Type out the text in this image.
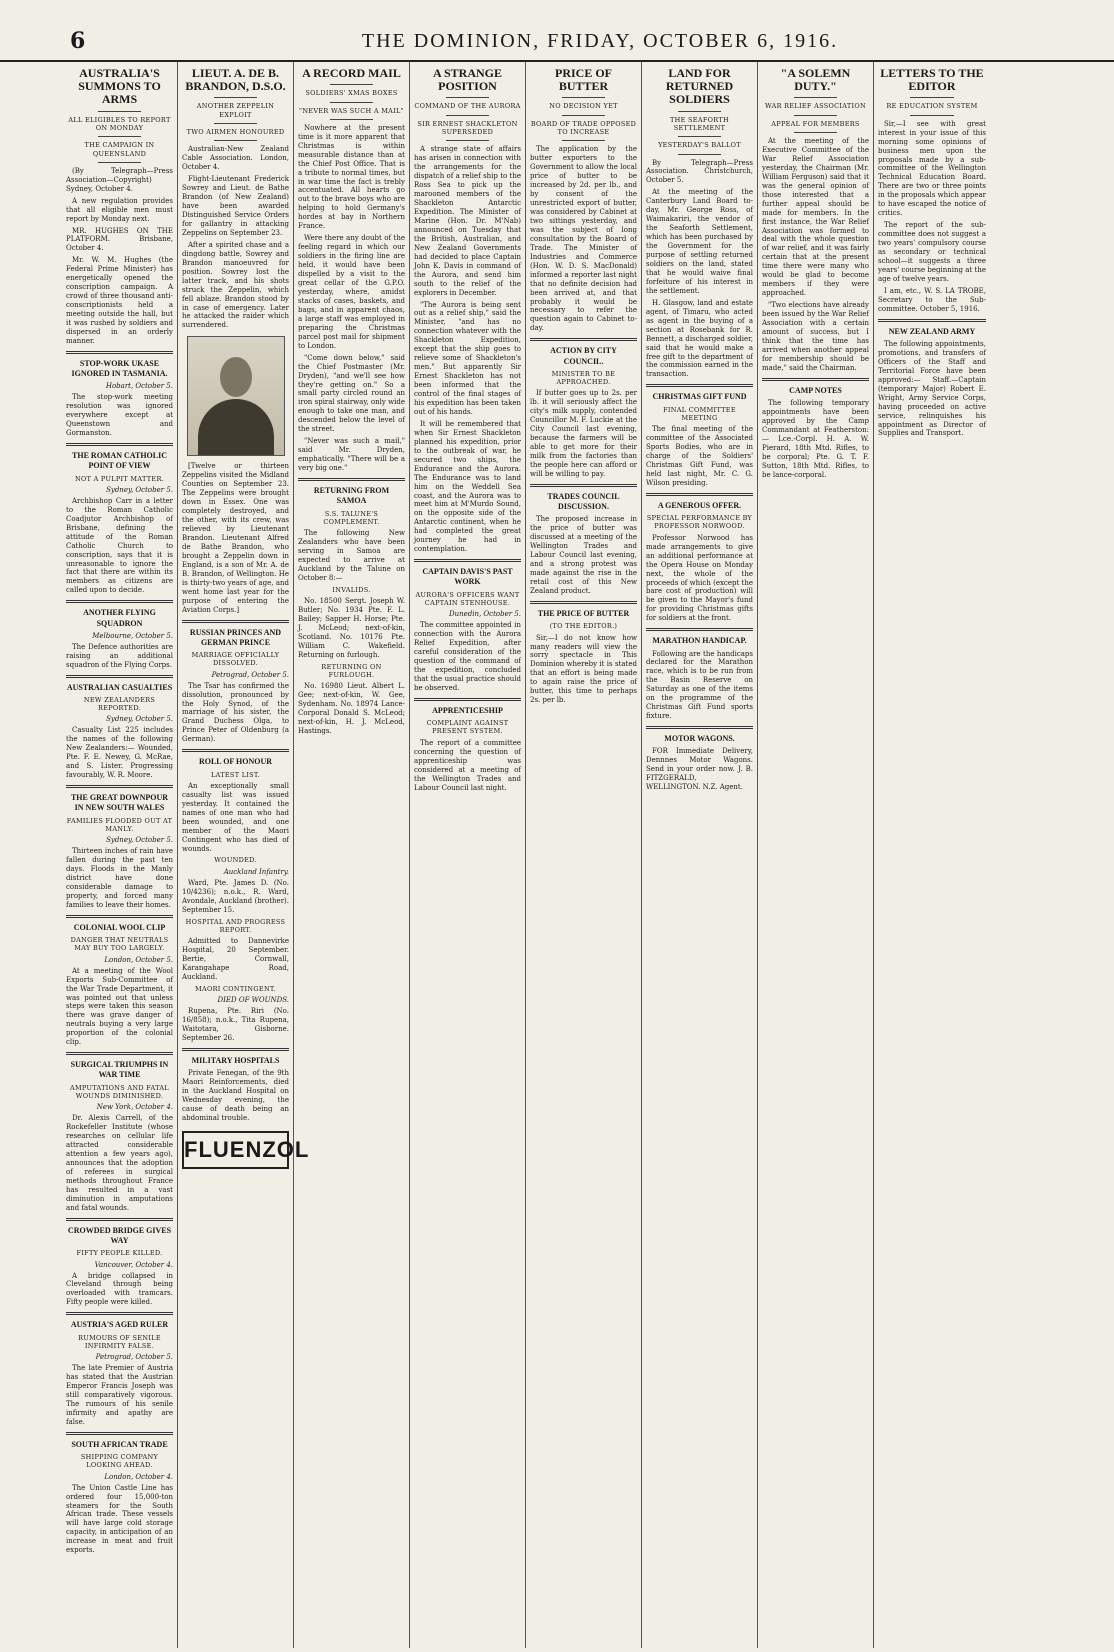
6	THE DOMINION, FRIDAY, OCTOBER 6, 1916.
AUSTRALIA'S SUMMONS TO ARMS
ALL ELIGIBLES TO REPORT ON MONDAY
THE CAMPAIGN IN QUEENSLAND

(By Telegraph—Press Association—Copyright) Sydney, October 4.

A new regulation provides that all eligible men must report by Monday next.

MR. HUGHES ON THE PLATFORM. Brisbane, October 4.

Mr. W. M. Hughes (the Federal Prime Minister) has energetically opened the conscription campaign. A crowd of three thousand anti-conscriptionists held a meeting outside the hall, but it was rushed by soldiers and dispersed in an orderly manner.

STOP-WORK UKASE IGNORED IN TASMANIA.
Hobart, October 5.

The stop-work meeting resolution was ignored everywhere except at Queenstown and Gormanston.

THE ROMAN CATHOLIC POINT OF VIEW
NOT A PULPIT MATTER.
Sydney, October 5.

Archbishop Carr in a letter to the Roman Catholic Coadjutor Archbishop of Brisbane, defining the attitude of the Roman Catholic Church to conscription, says that it is unreasonable to ignore the fact that there are within its members as citizens are called upon to decide.

ANOTHER FLYING SQUADRON
Melbourne, October 5.

The Defence authorities are raising an additional squadron of the Flying Corps.

AUSTRALIAN CASUALTIES
NEW ZEALANDERS REPORTED.
Sydney, October 5.

Casualty List 225 includes the names of the following New Zealanders:— Wounded, Pte. F. E. Newey, G. McRae, and S. Lister. Progressing favourably, W. R. Moore.

THE GREAT DOWNPOUR IN NEW SOUTH WALES
FAMILIES FLOODED OUT AT MANLY.
Sydney, October 5.

Thirteen inches of rain have fallen during the past ten days. Floods in the Manly district have done considerable damage to property, and forced many families to leave their homes.

COLONIAL WOOL CLIP
DANGER THAT NEUTRALS MAY BUY TOO LARGELY.
London, October 5.

At a meeting of the Wool Exports Sub-Committee of the War Trade Department, it was pointed out that unless steps were taken this season there was grave danger of neutrals buying a very large proportion of the colonial clip.

SURGICAL TRIUMPHS IN WAR TIME
AMPUTATIONS AND FATAL WOUNDS DIMINISHED.
New York, October 4.

Dr. Alexis Carrell, of the Rockefeller Institute (whose researches on cellular life attracted considerable attention a few years ago), announces that the adoption of referees in surgical methods throughout France has resulted in a vast diminution in amputations and fatal wounds.

CROWDED BRIDGE GIVES WAY
FIFTY PEOPLE KILLED.
Vancouver, October 4.

A bridge collapsed in Cleveland through being overloaded with tramcars. Fifty people were killed.

AUSTRIA'S AGED RULER
RUMOURS OF SENILE INFIRMITY FALSE.
Petrograd, October 5.

The late Premier of Austria has stated that the Austrian Emperor Francis Joseph was still comparatively vigorous. The rumours of his senile infirmity and apathy are false.

SOUTH AFRICAN TRADE
SHIPPING COMPANY LOOKING AHEAD.
London, October 4.

The Union Castle Line has ordered four 15,000-ton steamers for the South African trade. These vessels will have large cold storage capacity, in anticipation of an increase in meat and fruit exports.

LIEUT. A. DE B. BRANDON, D.S.O.
ANOTHER ZEPPELIN EXPLOIT
TWO AIRMEN HONOURED

Australian-New Zealand Cable Association. London, October 4.

Flight-Lieutenant Frederick Sowrey and Lieut. de Bathe Brandon (of New Zealand) have been awarded Distinguished Service Orders for gallantry in attacking Zeppelins on September 23.

After a spirited chase and a dingdong battle, Sowrey and Brandon manoeuvred for position. Sowrey lost the latter track, and his shots struck the Zeppelin, which fell ablaze. Brandon stood by in case of emergency. Later he attacked the raider which surrendered.

[Twelve or thirteen Zeppelins visited the Midland Counties on September 23. The Zeppelins were brought down in Essex. One was completely destroyed, and the other, with its crew, was relieved by Lieutenant Brandon. Lieutenant Alfred de Bathe Brandon, who brought a Zeppelin down in England, is a son of Mr. A. de B. Brandon, of Wellington. He is thirty-two years of age, and went home last year for the purpose of entering the Aviation Corps.]

RUSSIAN PRINCES AND GERMAN PRINCE
MARRIAGE OFFICIALLY DISSOLVED.
Petrograd, October 5.

The Tsar has confirmed the dissolution, pronounced by the Holy Synod, of the marriage of his sister, the Grand Duchess Olga, to Prince Peter of Oldenburg (a German).

ROLL OF HONOUR
LATEST LIST.

An exceptionally small casualty list was issued yesterday. It contained the names of one man who had been wounded, and one member of the Maori Contingent who has died of wounds.

WOUNDED.
Auckland Infantry.

Ward, Pte. James D. (No. 10/4236); n.o.k., R. Ward, Avondale, Auckland (brother). September 15.

HOSPITAL AND PROGRESS REPORT.

Admitted to Dannevirke Hospital, 20 September. Bertie, Cornwall, Karangahape Road, Auckland.

MAORI CONTINGENT.
DIED OF WOUNDS.

Rupena, Pte. Riri (No. 16/858); n.o.k., Tita Rupena, Waitotara, Gisborne. September 26.

MILITARY HOSPITALS

Private Fenegan, of the 9th Maori Reinforcements, died in the Auckland Hospital on Wednesday evening, the cause of death being an abdominal trouble.

FLUENZOL
A RECORD MAIL
SOLDIERS' XMAS BOXES
"NEVER WAS SUCH A MAIL"

Nowhere at the present time is it more apparent that Christmas is within measurable distance than at the Chief Post Office. That is a tribute to normal times, but in war time the fact is trebly accentuated. All hearts go out to the brave boys who are helping to hold Germany's hordes at bay in Northern France.

Were there any doubt of the feeling regard in which our soldiers in the firing line are held, it would have been dispelled by a visit to the great cellar of the G.P.O. yesterday, where, amidst stacks of cases, baskets, and bags, and in apparent chaos, a large staff was employed in preparing the Christmas parcel post mail for shipment to London.

"Come down below," said the Chief Postmaster (Mr. Dryden), "and we'll see how they're getting on." So a small party circled round an iron spiral stairway, only wide enough to take one man, and descended below the level of the street.

"Never was such a mail," said Mr. Dryden, emphatically. "There will be a very big one."

RETURNING FROM SAMOA
S.S. TALUNE'S COMPLEMENT.

The following New Zealanders who have been serving in Samoa are expected to arrive at Auckland by the Talune on October 8:—

INVALIDS.

No. 18500 Sergt. Joseph W. Butler; No. 1934 Pte. F. L. Bailey; Sapper H. Horse; Pte. J. McLeod; next-of-kin, Scotland. No. 10176 Pte. William C. Wakefield. Returning on furlough.

RETURNING ON FURLOUGH.

No. 16980 Lieut. Albert L. Gee; next-of-kin, W. Gee, Sydenham. No. 18974 Lance-Corporal Donald S. McLeod; next-of-kin, H. J. McLeod, Hastings.

A STRANGE POSITION
COMMAND OF THE AURORA
SIR ERNEST SHACKLETON SUPERSEDED

A strange state of affairs has arisen in connection with the arrangements for the dispatch of a relief ship to the Ross Sea to pick up the marooned members of the Shackleton Antarctic Expedition. The Minister of Marine (Hon. Dr. M'Nab) announced on Tuesday that the British, Australian, and New Zealand Governments had decided to place Captain John K. Davis in command of the Aurora, and send him south to the relief of the explorers in December.

"The Aurora is being sent out as a relief ship," said the Minister, "and has no connection whatever with the Shackleton Expedition, except that the ship goes to relieve some of Shackleton's men." But apparently Sir Ernest Shackleton has not been informed that the control of the final stages of his expedition has been taken out of his hands.

It will be remembered that when Sir Ernest Shackleton planned his expedition, prior to the outbreak of war, he secured two ships, the Endurance and the Aurora. The Endurance was to land him on the Weddell Sea coast, and the Aurora was to meet him at M'Murdo Sound, on the opposite side of the Antarctic continent, when he had completed the great journey he had in contemplation.

CAPTAIN DAVIS'S PAST WORK
AURORA'S OFFICERS WANT CAPTAIN STENHOUSE.
Dunedin, October 5.

The committee appointed in connection with the Aurora Relief Expedition, after careful consideration of the question of the command of the expedition, concluded that the usual practice should be observed.

APPRENTICESHIP
COMPLAINT AGAINST PRESENT SYSTEM.

The report of a committee concerning the question of apprenticeship was considered at a meeting of the Wellington Trades and Labour Council last night.

PRICE OF BUTTER
NO DECISION YET
BOARD OF TRADE OPPOSED TO INCREASE

The application by the butter exporters to the Government to allow the local price of butter to be increased by 2d. per lb., and by consent of the unrestricted export of butter, was considered by Cabinet at two sittings yesterday, and was the subject of long consultation by the Board of Trade. The Minister of Industries and Commerce (Hon. W. D. S. MacDonald) informed a reporter last night that no definite decision had been arrived at, and that probably it would be necessary to refer the question again to Cabinet to-day.

ACTION BY CITY COUNCIL.
MINISTER TO BE APPROACHED.

If butter goes up to 2s. per lb. it will seriously affect the city's milk supply, contended Councillor M. F. Luckie at the City Council last evening, because the farmers will be able to get more for their milk from the factories than the people here can afford or will be willing to pay.

TRADES COUNCIL DISCUSSION.

The proposed increase in the price of butter was discussed at a meeting of the Wellington Trades and Labour Council last evening, and a strong protest was made against the rise in the retail cost of this New Zealand product.

THE PRICE OF BUTTER
(TO THE EDITOR.)

Sir,—I do not know how many readers will view the sorry spectacle in This Dominion whereby it is stated that an effort is being made to again raise the price of butter, this time to perhaps 2s. per lb.

LAND FOR RETURNED SOLDIERS
THE SEAFORTH SETTLEMENT
YESTERDAY'S BALLOT

By Telegraph—Press Association. Christchurch, October 5.

At the meeting of the Canterbury Land Board to-day, Mr. George Ross, of Waimakariri, the vendor of the Seaforth Settlement, which has been purchased by the Government for the purpose of settling returned soldiers on the land, stated that he would waive final forfeiture of his interest in the settlement.

H. Glasgow, land and estate agent, of Timaru, who acted as agent in the buying of a section at Rosebank for R. Bennett, a discharged soldier, said that he would make a free gift to the department of the commission earned in the transaction.

CHRISTMAS GIFT FUND
FINAL COMMITTEE MEETING

The final meeting of the committee of the Associated Sports Bodies, who are in charge of the Soldiers' Christmas Gift Fund, was held last night, Mr. C. G. Wilson presiding.

A GENEROUS OFFER.
SPECIAL PERFORMANCE BY PROFESSOR NORWOOD.

Professor Norwood has made arrangements to give an additional performance at the Opera House on Monday next, the whole of the proceeds of which (except the bare cost of production) will be given to the Mayor's fund for providing Christmas gifts for soldiers at the front.

MARATHON HANDICAP.

Following are the handicaps declared for the Marathon race, which is to be run from the Basin Reserve on Saturday as one of the items on the programme of the Christmas Gift Fund sports fixture.

MOTOR WAGONS.

FOR Immediate Delivery, Dennnes Motor Wagons. Send in your order now. J. B. FITZGERALD, WELLINGTON. N.Z. Agent.

"A SOLEMN DUTY."
WAR RELIEF ASSOCIATION
APPEAL FOR MEMBERS

At the meeting of the Executive Committee of the War Relief Association yesterday, the Chairman (Mr. William Ferguson) said that it was the general opinion of those interested that a further appeal should be made for members. In the first instance, the War Relief Association was formed to deal with the whole question of war relief, and it was fairly certain that at the present time there were many who would be glad to become members if they were approached.

"Two elections have already been issued by the War Relief Association with a certain amount of success, but I think that the time has arrived when another appeal for membership should be made," said the Chairman.

CAMP NOTES

The following temporary appointments have been approved by the Camp Commandant at Featherston:— Lce.-Corpl. H. A. W. Pierard, 18th Mtd. Rifles, to be corporal; Pte. G. T. F. Sutton, 18th Mtd. Rifles, to be lance-corporal.

LETTERS TO THE EDITOR
RE EDUCATION SYSTEM

Sir,—I see with great interest in your issue of this morning some opinions of business men upon the proposals made by a sub-committee of the Wellington Technical Education Board. There are two or three points in the proposals which appear to have escaped the notice of critics.

The report of the sub-committee does not suggest a two years' compulsory course as secondary or technical school—it suggests a three years' course beginning at the age of twelve years.

I am, etc., W. S. LA TROBE, Secretary to the Sub-committee. October 5, 1916.

NEW ZEALAND ARMY

The following appointments, promotions, and transfers of Officers of the Staff and Territorial Force have been approved:— Staff.—Captain (temporary Major) Robert E. Wright, Army Service Corps, having proceeded on active service, relinquishes his appointment as Director of Supplies and Transport.
